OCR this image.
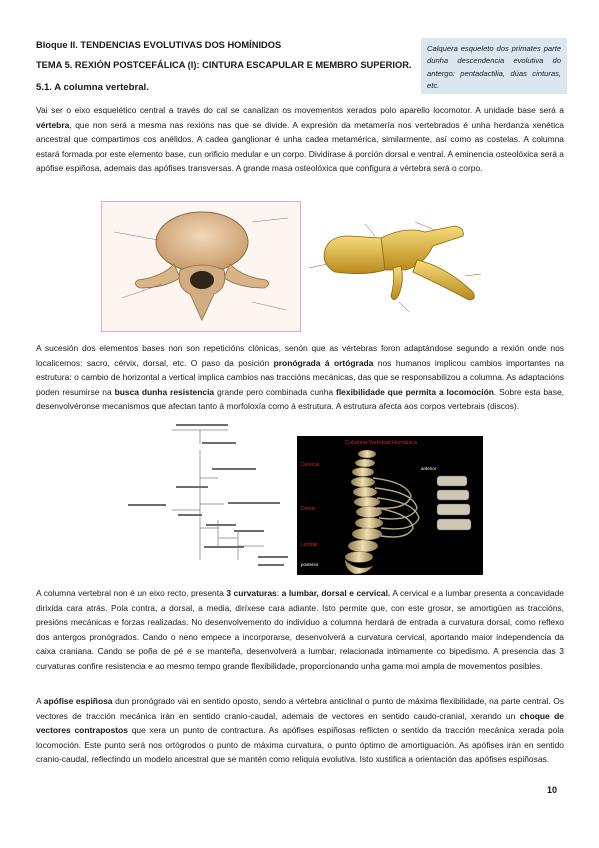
Bloque II. TENDENCIAS EVOLUTIVAS DOS HOMÍNIDOS
TEMA 5. REXIÓN POSTCEFÁLICA (I): CINTURA ESCAPULAR E MEMBRO SUPERIOR.
5.1. A columna vertebral.
Calquera esqueleto dos primates parte dunha descendencia evolutiva do antergo: pentadactilia, dúas cinturas, etc.

Vai ser o eixo esquelético central a través do cal se canalizan os movementos xerados polo aparello locomotor. A unidade base será a vértebra, que non será a mesma nas rexións nas que se divide. A expresión da metamería nos vertebrados é unha herdanza xenética ancestral que compartimos cos anélidos. A cadea ganglionar é unha cadea metamérica, similarmente, así como as costelas. A columna estará formada por este elemento base, cun orificio medular e un corpo. Dividirase á porción dorsal e ventral. A eminencia osteolóxica será a apófise espiñosa, ademais das apófises transversas. A grande masa osteolóxica que configura a vértebra será o corpo.

A sucesión dos elementos bases non son repeticións clónicas, senón que as vértebras foron adaptándose segundo a rexión onde nos localicemos: sacro, cérvix, dorsal, etc. O paso da posición pronógrada á ortógrada nos humanos implicou cambios importantes na estrutura: o cambio de horizontal a vertical implica cambios nas traccións mecánicas, das que se responsabilizou a columna. As adaptacións poden resumirse na busca dunha resistencia grande pero combinada cunha flexibilidade que permita a locomoción. Sobre esta base, desenvolvéronse mecanismos que afectan tanto á morfoloxía como á estrutura. A estrutura afecta aos corpos vertebrais (discos).

Columna Vertebral Humánica
Cervical
Dorsal
Lumbar
anterior
posterior

A columna vertebral non é un eixo recto, presenta 3 curvaturas: a lumbar, dorsal e cervical. A cervical e a lumbar presenta a concavidade dirixida cara atrás. Pola contra, a dorsal, a media, diríxese cara adiante. Isto permite que, con este grosor, se amortigüen as traccións, presións mecánicas e forzas realizadas. No desenvolvemento do individuo a columna herdará de entrada a curvatura dorsal, como reflexo dos antergos pronógrados. Cando o neno empece a incorporarse, desenvolverá a curvatura cervical, aportando maior independencia da caixa craniana. Cando se poña de pé e se manteña, desenvolverá a lumbar, relacionada intimamente co bipedismo. A presencia das 3 curvaturas confire resistencia e ao mesmo tempo grande flexibilidade, proporcionando unha gama moi ampla de movementos posibles.

A apófise espiñosa dun pronógrado vai en sentido oposto, sendo a vértebra anticlinal o punto de máxima flexibilidade, na parte central. Os vectores de tracción mecánica irán en sentido cranio-caudal, ademais de vectores en sentido caudo-cranial, xerando un choque de vectores contrapostos que xera un punto de contractura. As apófises espiñosas reflicten o sentido da tracción mecánica xerada pola locomoción. Este punto será nos ortógrodos o punto de máxima curvatura, o punto óptimo de amortiguación. As apófises irán en sentido cranio-caudal, reflectindo un modelo ancestral que se mantén como reliquia evolutiva. Isto xustifica a orientación das apófises espiñosas.

10
